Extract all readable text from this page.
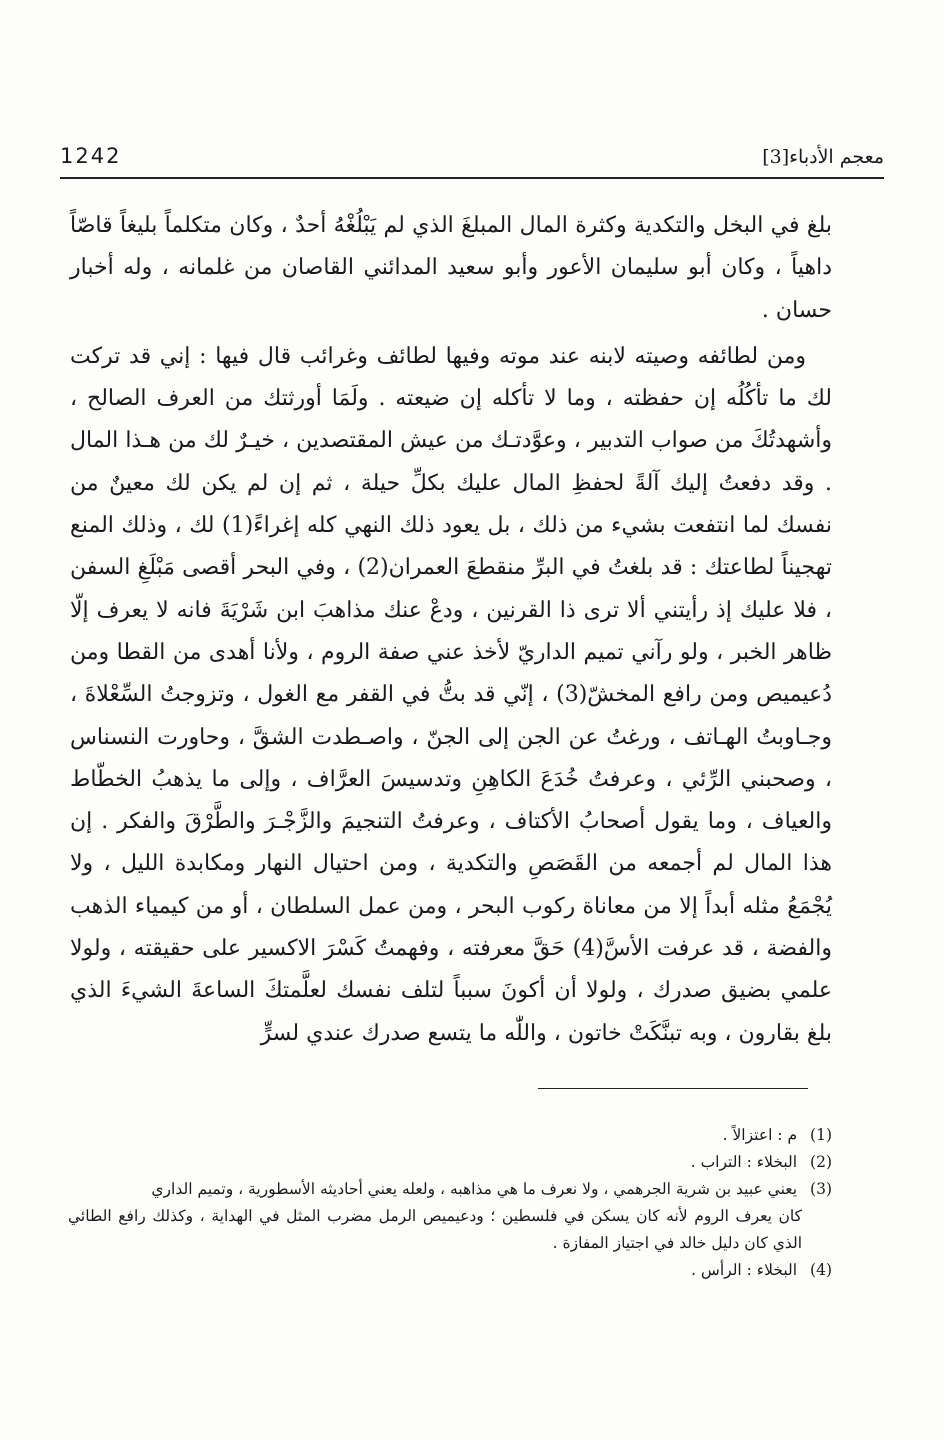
معجم الأدباء[3]
1242

بلغ في البخل والتكدية وكثرة المال المبلغَ الذي لم يَبْلُغْهُ أحدٌ ، وكان متكلماً بليغاً قاصّاً داهياً ، وكان أبو سليمان الأعور وأبو سعيد المدائني القاصان من غلمانه ، وله أخبار حسان .

ومن لطائفه وصيته لابنه عند موته وفيها لطائف وغرائب قال فيها : إني قد تركت لك ما تأكُلُه إن حفظته ، وما لا تأكله إن ضيعته . ولَمَا أورثتك من العرف الصالح ، وأشهدتُكَ من صواب التدبير ، وعوَّدتـك من عيش المقتصدين ، خيـرٌ لك من هـذا المال . وقد دفعتُ إليك آلةً لحفظِ المال عليك بكلِّ حيلة ، ثم إن لم يكن لك معينٌ من نفسك لما انتفعت بشيء من ذلك ، بل يعود ذلك النهي كله إغراءً(1) لك ، وذلك المنع تهجيناً لطاعتك : قد بلغتُ في البرِّ منقطعَ العمران(2) ، وفي البحر أقصى مَبْلَغِ السفن ، فلا عليك إذ رأيتني ألا ترى ذا القرنين ، ودعْ عنك مذاهبَ ابن شَرْيَةَ فانه لا يعرف إلّا ظاهر الخبر ، ولو رآني تميم الداريّ لأخذ عني صفة الروم ، ولأنا أهدى من القطا ومن دُعيميص ومن رافع المخشّ(3) ، إنّي قد بتُّ في القفر مع الغول ، وتزوجتُ السِّعْلاةَ ، وجـاوبتُ الهـاتف ، ورغتُ عن الجن إلى الجنّ ، واصـطدت الشقَّ ، وحاورت النسناس ، وصحبني الرِّئي ، وعرفتُ خُدَعَ الكاهِنِ وتدسيسَ العرَّاف ، وإلى ما يذهبُ الخطّاط والعياف ، وما يقول أصحابُ الأكتاف ، وعرفتُ التنجيمَ والزَّجْـرَ والطَّرْقَ والفكر . إن هذا المال لم أجمعه من القَصَصِ والتكدية ، ومن احتيال النهار ومكابدة الليل ، ولا يُجْمَعُ مثله أبداً إلا من معاناة ركوب البحر ، ومن عمل السلطان ، أو من كيمياء الذهب والفضة ، قد عرفت الأسَّ(4) حَقَّ معرفته ، وفهمتُ كَسْرَ الاكسير على حقيقته ، ولولا علمي بضيق صدرك ، ولولا أن أكونَ سبباً لتلف نفسك لعلَّمتكَ الساعةَ الشيءَ الذي بلغ بقارون ، وبه تبنَّكَتْ خاتون ، واللّٰه ما يتسع صدرك عندي لسرٍّ

(1) م : اعتزالاً .

(2) البخلاء : التراب .

(3) يعني عبيد بن شرية الجرهمي ، ولا نعرف ما هي مذاهبه ، ولعله يعني أحاديثه الأسطورية ، وتميم الداري

كان يعرف الروم لأنه كان يسكن في فلسطين ؛ ودعيميص الرمل مضرب المثل في الهداية ، وكذلك رافع الطائي الذي كان دليل خالد في اجتياز المفازة .

(4) البخلاء : الرأس .
